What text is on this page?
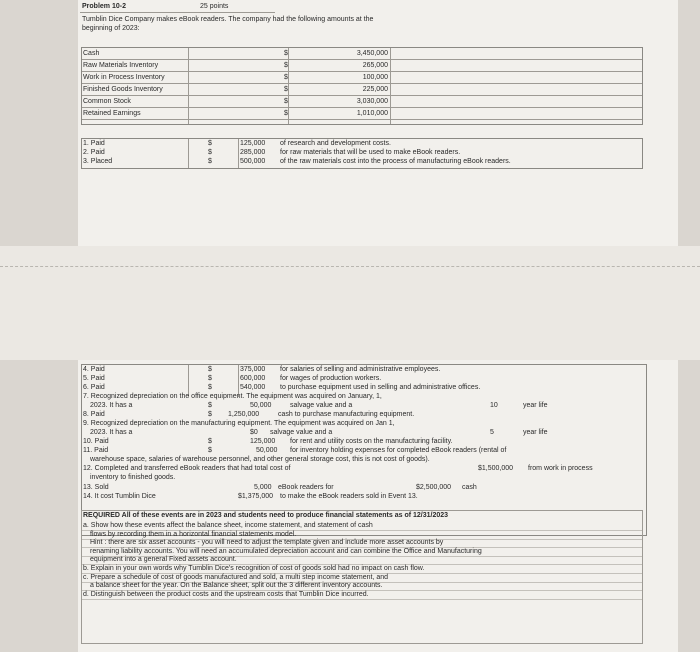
Problem 10-2	25 points
Tumblin Dice Company makes eBook readers. The company had the following amounts at the
beginning of 2023:
Cash	$	3,450,000
Raw Materials Inventory	$	265,000
Work in Process Inventory	$	100,000
Finished Goods Inventory	$	225,000
Common Stock	$	3,030,000
Retained Earnings	$	1,010,000
1. Paid	$	125,000 of research and development costs.
2. Paid	$	285,000 for raw materials that will be used to make eBook readers.
3. Placed	$	500,000 of the raw materials cost into the process of manufacturing eBook readers.
4. Paid	$	375,000 for salaries of selling and administrative employees.
5. Paid	$	600,000 for wages of production workers.
6. Paid	$	540,000 to purchase equipment used in selling and administrative offices.
7. Recognized depreciation on the office equipment. The equipment was acquired on January, 1,
2023. It has a	$	50,000	salvage value and a	10	year life
8. Paid	$ 1,250,000	cash to purchase manufacturing equipment.
9. Recognized depreciation on the manufacturing equipment. The equipment was acquired on Jan 1,
2023. It has a	$0 salvage value and a	5	year life
10. Paid	$	125,000 for rent and utility costs on the manufacturing facility.
11. Paid	$	50,000 for inventory holding expenses for completed eBook readers (rental of
warehouse space, salaries of warehouse personnel, and other general storage cost, this is not cost of goods).
12. Completed and transferred eBook readers that had total cost of	$1,500,000 from work in process
inventory to finished goods.
13. Sold	5,000 eBook readers for	$2,500,000 cash
14. It cost Tumblin Dice	$1,375,000 to make the eBook readers sold in Event 13.
REQUIRED All of these events are in 2023 and students need to produce financial statements as of 12/31/2023
a. Show how these events affect the balance sheet, income statement, and statement of cash
flows by recording them in a horizontal financial statements model.
Hint : there are six asset accounts - you will need to adjust the template given and include more asset accounts by
renaming liability accounts. You will need an accumulated depreciation account and can combine the Office and Manufacturing
equipment into a general Fixed assets account.
b. Explain in your own words why Tumblin Dice's recognition of cost of goods sold had no impact on cash flow.
c. Prepare a schedule of cost of goods manufactured and sold, a multi step income statement, and
a balance sheet for the year. On the Balance sheet, split out the 3 different inventory accounts.
d. Distinguish between the product costs and the upstream costs that Tumblin Dice incurred.
